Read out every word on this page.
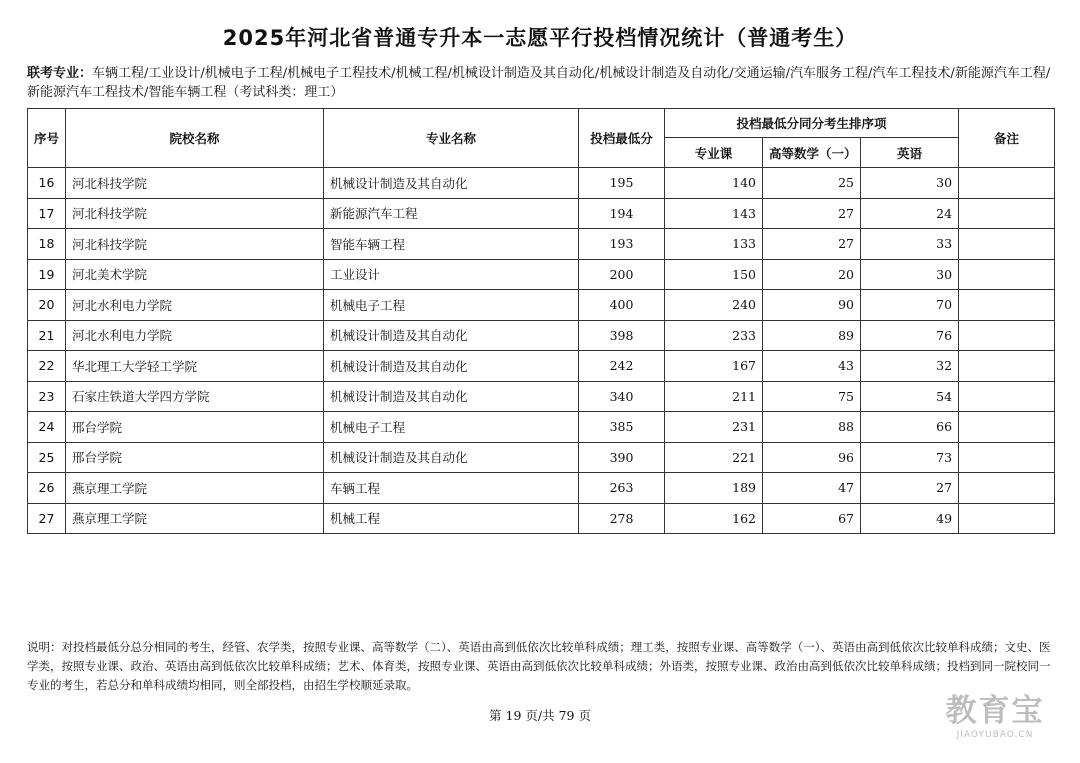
2025年河北省普通专升本一志愿平行投档情况统计（普通考生）
联考专业：车辆工程/工业设计/机械电子工程/机械电子工程技术/机械工程/机械设计制造及其自动化/机械设计制造及自动化/交通运输/汽车服务工程/汽车工程技术/新能源汽车工程/新能源汽车工程技术/智能车辆工程（考试科类：理工）
序号	院校名称	专业名称	投档最低分	投档最低分同分考生排序项			备注
				专业课	高等数学（一）	英语	
16	河北科技学院	机械设计制造及其自动化	195	140	25	30	
17	河北科技学院	新能源汽车工程	194	143	27	24	
18	河北科技学院	智能车辆工程	193	133	27	33	
19	河北美术学院	工业设计	200	150	20	30	
20	河北水利电力学院	机械电子工程	400	240	90	70	
21	河北水利电力学院	机械设计制造及其自动化	398	233	89	76	
22	华北理工大学轻工学院	机械设计制造及其自动化	242	167	43	32	
23	石家庄铁道大学四方学院	机械设计制造及其自动化	340	211	75	54	
24	邢台学院	机械电子工程	385	231	88	66	
25	邢台学院	机械设计制造及其自动化	390	221	96	73	
26	燕京理工学院	车辆工程	263	189	47	27	
27	燕京理工学院	机械工程	278	162	67	49	
说明：对投档最低分总分相同的考生，经管、农学类，按照专业课、高等数学（二）、英语由高到低依次比较单科成绩；理工类，按照专业课、高等数学（一）、英语由高到低依次比较单科成绩；文史、医学类，按照专业课、政治、英语由高到低依次比较单科成绩；艺术、体育类，按照专业课、英语由高到低依次比较单科成绩；外语类，按照专业课、政治由高到低依次比较单科成绩；投档到同一院校同一专业的考生，若总分和单科成绩均相同，则全部投档，由招生学校顺延录取。
第 19 页/共 79 页	教育宝
JIAOYUBAO.CN
